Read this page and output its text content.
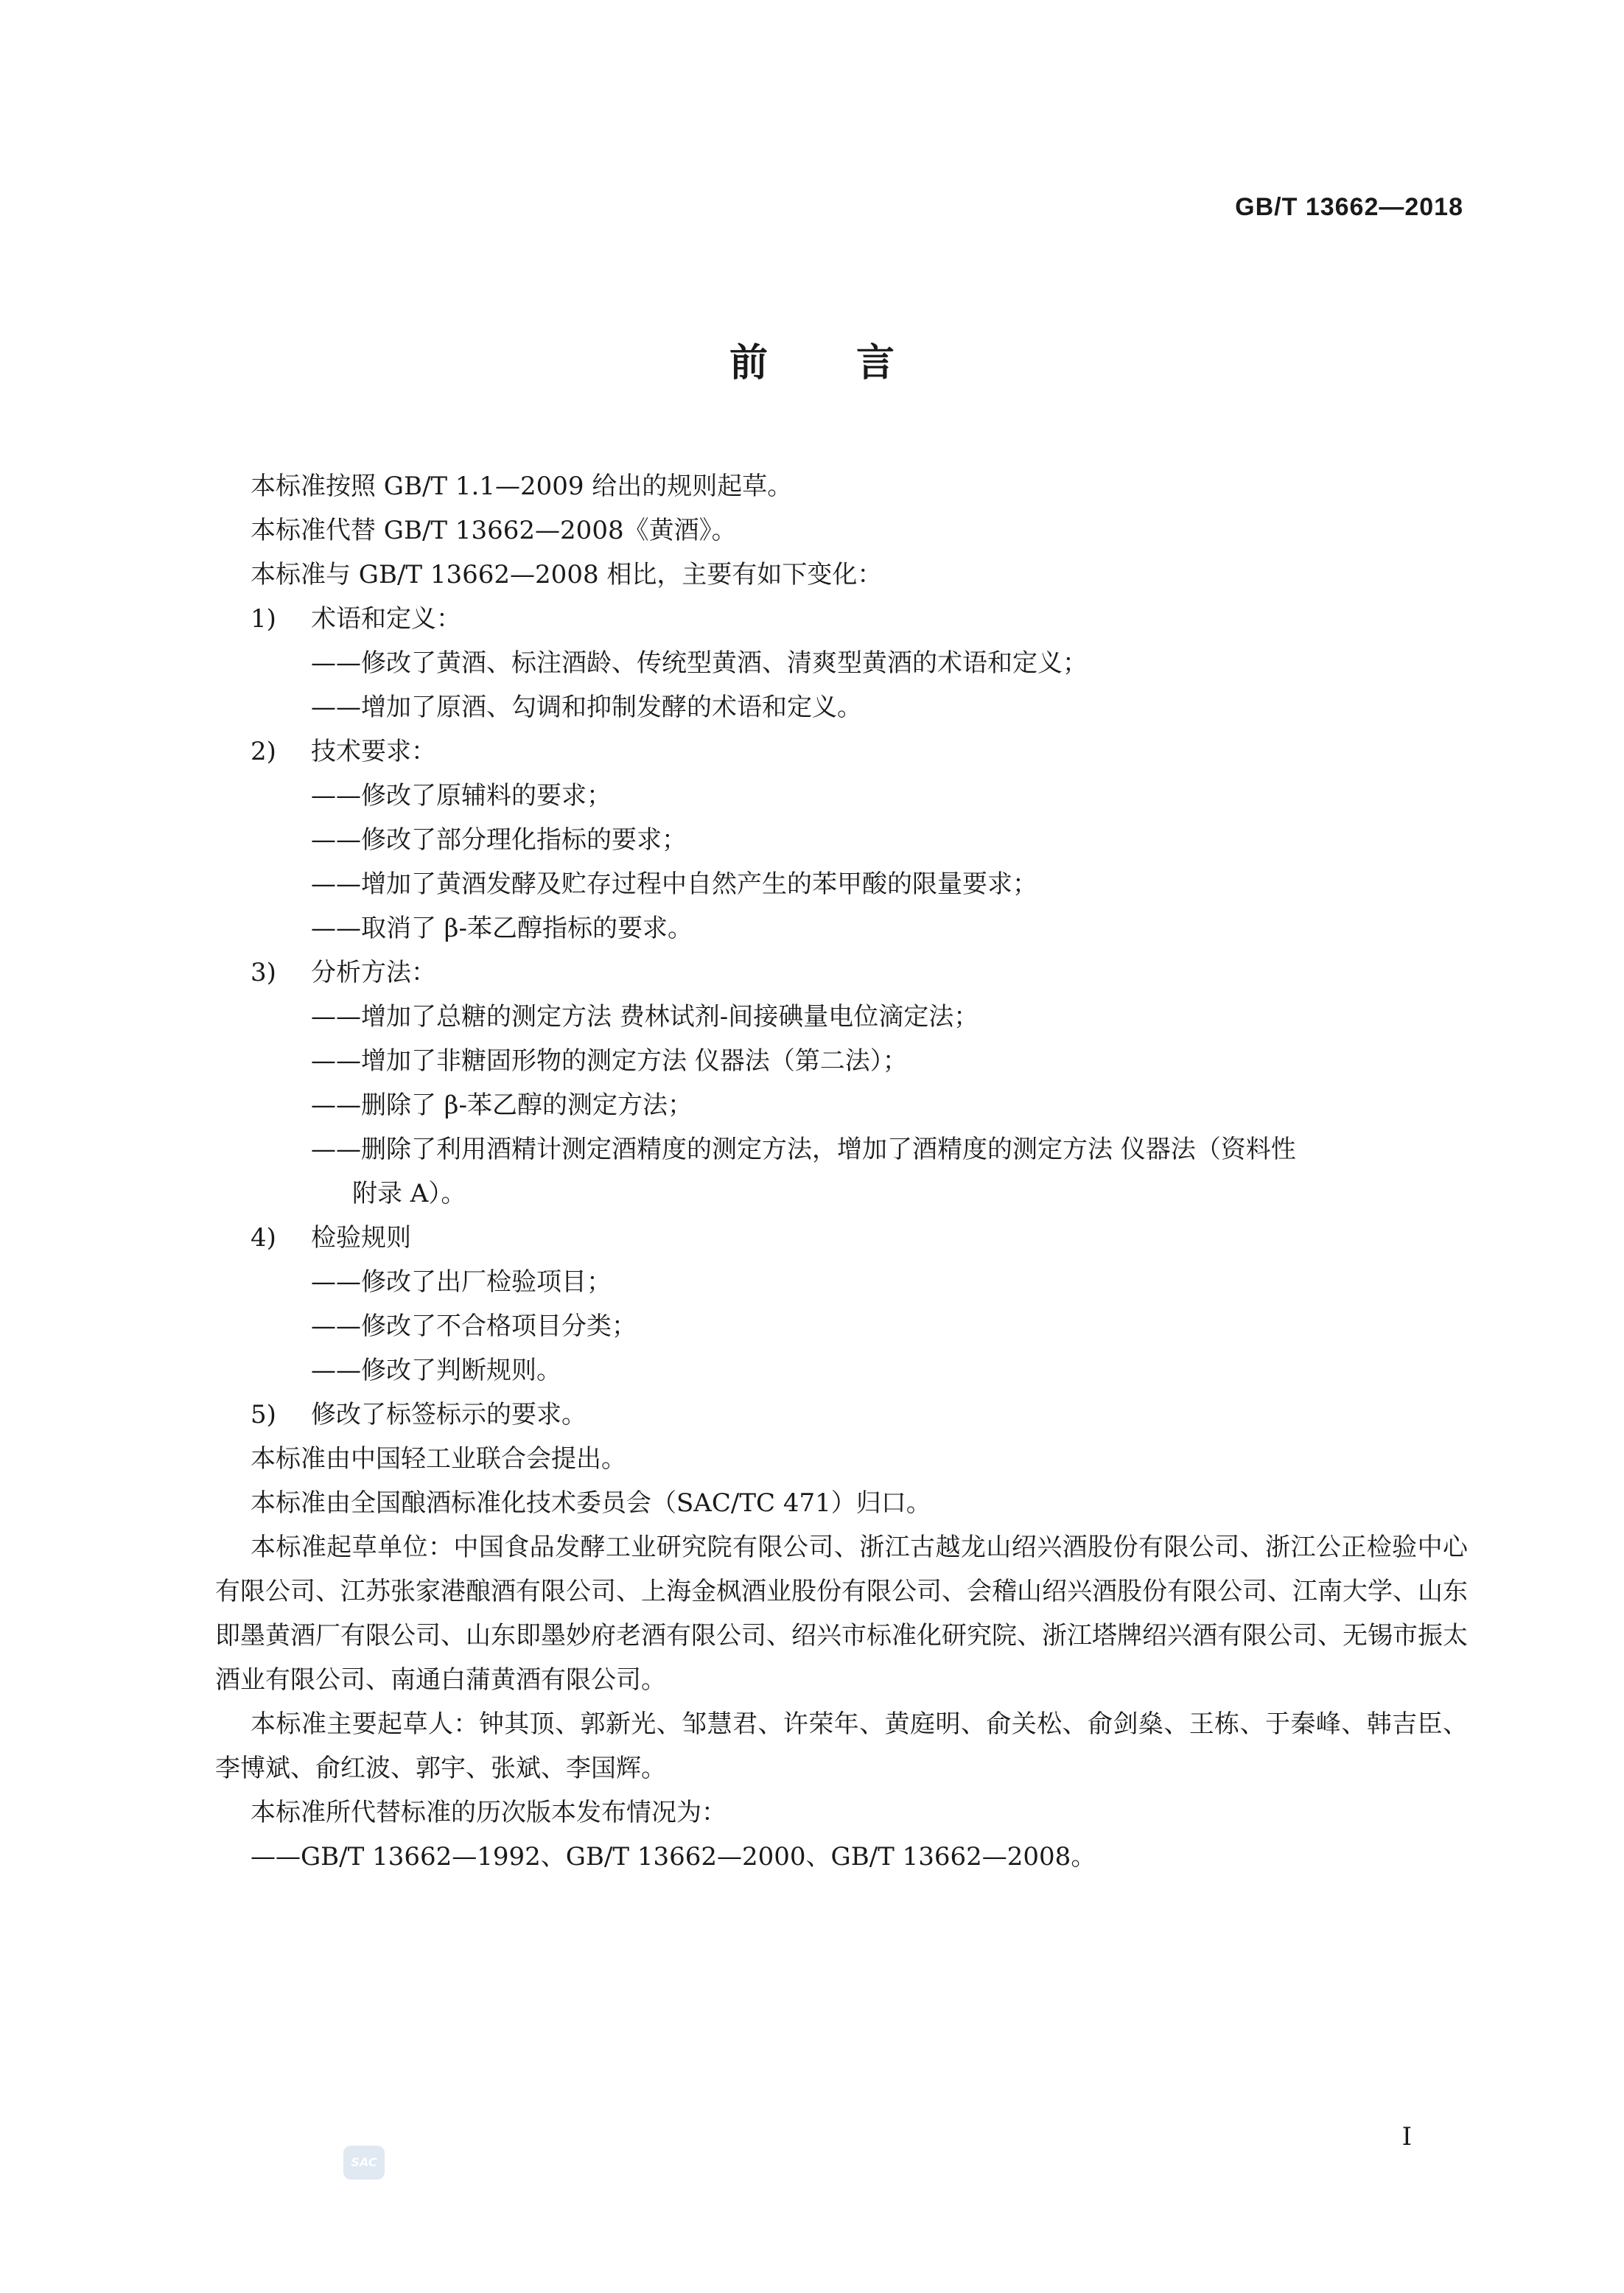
GB/T 13662—2018
前言
本标准按照 GB/T 1.1—2009 给出的规则起草。
本标准代替 GB/T 13662—2008《黄酒》。
本标准与 GB/T 13662—2008 相比，主要有如下变化：
1) 术语和定义：
——修改了黄酒、标注酒龄、传统型黄酒、清爽型黄酒的术语和定义；
——增加了原酒、勾调和抑制发酵的术语和定义。
2) 技术要求：
——修改了原辅料的要求；
——修改了部分理化指标的要求；
——增加了黄酒发酵及贮存过程中自然产生的苯甲酸的限量要求；
——取消了 β-苯乙醇指标的要求。
3) 分析方法：
——增加了总糖的测定方法 费林试剂-间接碘量电位滴定法；
——增加了非糖固形物的测定方法 仪器法（第二法）；
——删除了 β-苯乙醇的测定方法；
——删除了利用酒精计测定酒精度的测定方法，增加了酒精度的测定方法 仪器法（资料性
附录 A）。
4) 检验规则
——修改了出厂检验项目；
——修改了不合格项目分类；
——修改了判断规则。
5) 修改了标签标示的要求。
本标准由中国轻工业联合会提出。
本标准由全国酿酒标准化技术委员会（SAC/TC 471）归口。
本标准起草单位：中国食品发酵工业研究院有限公司、浙江古越龙山绍兴酒股份有限公司、浙江公正检验中心有限公司、江苏张家港酿酒有限公司、上海金枫酒业股份有限公司、会稽山绍兴酒股份有限公司、江南大学、山东即墨黄酒厂有限公司、山东即墨妙府老酒有限公司、绍兴市标准化研究院、浙江塔牌绍兴酒有限公司、无锡市振太酒业有限公司、南通白蒲黄酒有限公司。
本标准主要起草人：钟其顶、郭新光、邹慧君、许荣年、黄庭明、俞关松、俞剑燊、王栋、于秦峰、韩吉臣、李博斌、俞红波、郭宇、张斌、李国辉。
本标准所代替标准的历次版本发布情况为：
——GB/T 13662—1992、GB/T 13662—2000、GB/T 13662—2008。
I
SAC
